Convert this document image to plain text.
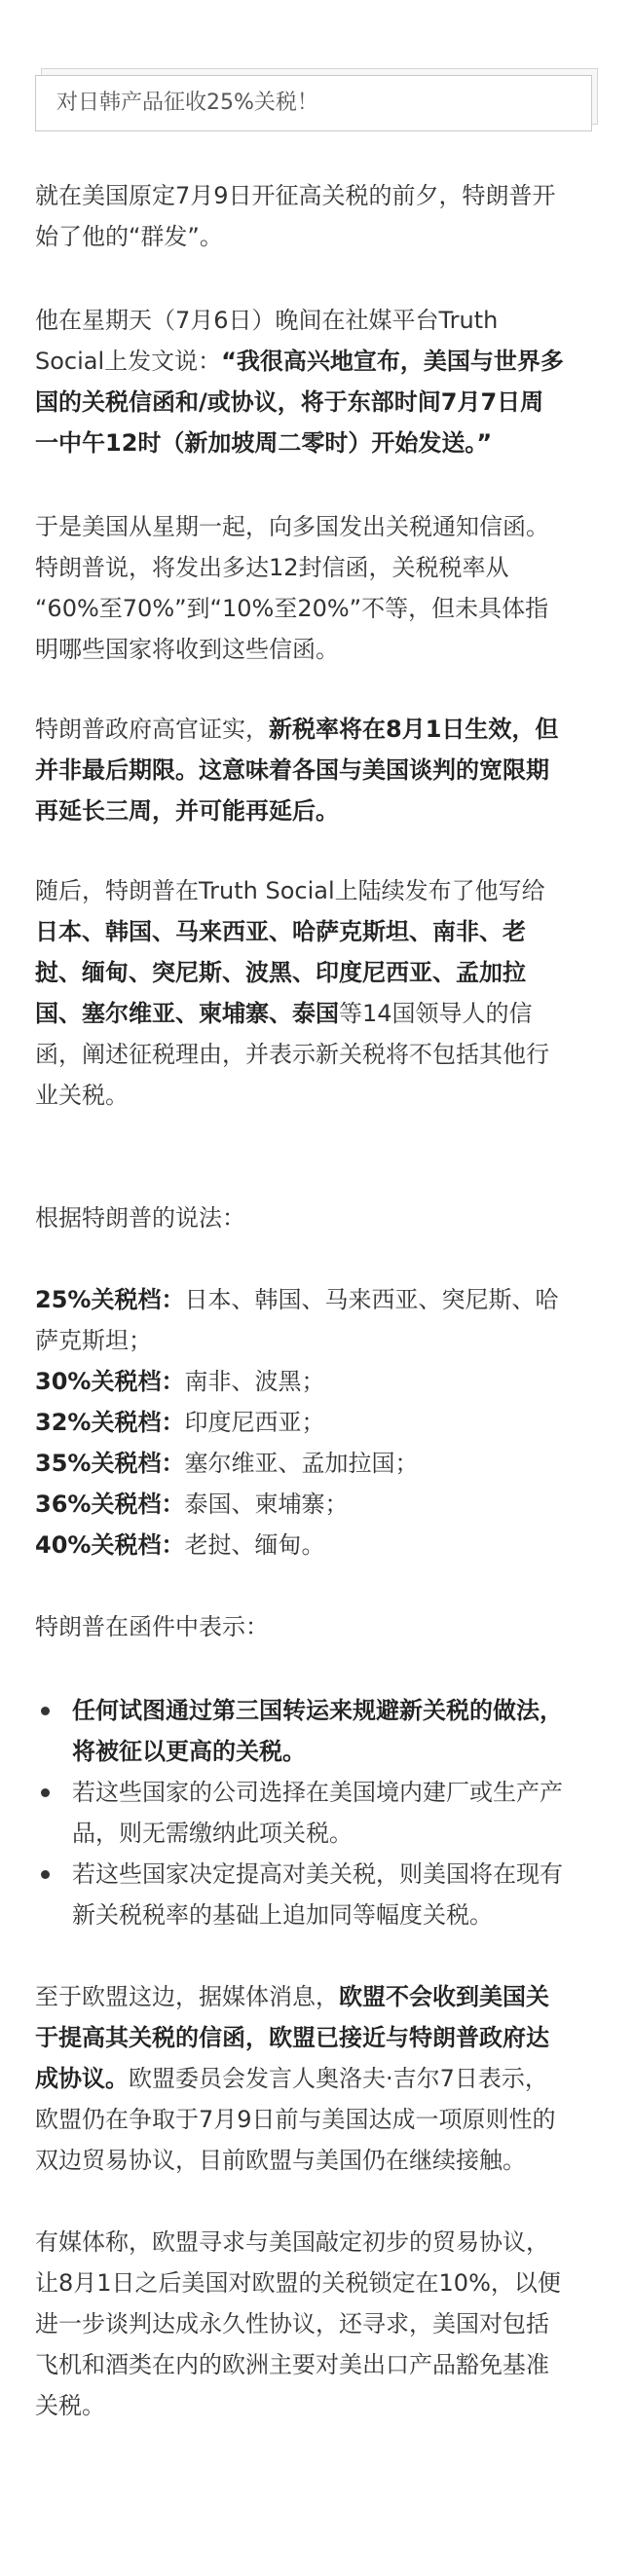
对日韩产品征收25%关税！

就在美国原定7月9日开征高关税的前夕，特朗普开
始了他的“群发”。

他在星期天（7月6日）晚间在社媒平台Truth
Social上发文说：“我很高兴地宣布，美国与世界多
国的关税信函和/或协议，将于东部时间7月7日周
一中午12时（新加坡周二零时）开始发送。”

于是美国从星期一起，向多国发出关税通知信函。
特朗普说，将发出多达12封信函，关税税率从
“60%至70%”到“10%至20%”不等，但未具体指
明哪些国家将收到这些信函。

特朗普政府高官证实，新税率将在8月1日生效，但
并非最后期限。这意味着各国与美国谈判的宽限期
再延长三周，并可能再延后。

随后，特朗普在Truth Social上陆续发布了他写给
日本、韩国、马来西亚、哈萨克斯坦、南非、老
挝、缅甸、突尼斯、波黑、印度尼西亚、孟加拉
国、塞尔维亚、柬埔寨、泰国等14国领导人的信
函，阐述征税理由，并表示新关税将不包括其他行
业关税。

根据特朗普的说法：

25%关税档：日本、韩国、马来西亚、突尼斯、哈
萨克斯坦；
30%关税档：南非、波黑；
32%关税档：印度尼西亚；
35%关税档：塞尔维亚、孟加拉国；
36%关税档：泰国、柬埔寨；
40%关税档：老挝、缅甸。

特朗普在函件中表示：

任何试图通过第三国转运来规避新关税的做法，
将被征以更高的关税。
若这些国家的公司选择在美国境内建厂或生产产
品，则无需缴纳此项关税。
若这些国家决定提高对美关税，则美国将在现有
新关税税率的基础上追加同等幅度关税。

至于欧盟这边，据媒体消息，欧盟不会收到美国关
于提高其关税的信函，欧盟已接近与特朗普政府达
成协议。欧盟委员会发言人奥洛夫·吉尔7日表示，
欧盟仍在争取于7月9日前与美国达成一项原则性的
双边贸易协议，目前欧盟与美国仍在继续接触。

有媒体称，欧盟寻求与美国敲定初步的贸易协议，
让8月1日之后美国对欧盟的关税锁定在10%，以便
进一步谈判达成永久性协议，还寻求，美国对包括
飞机和酒类在内的欧洲主要对美出口产品豁免基准
关税。
